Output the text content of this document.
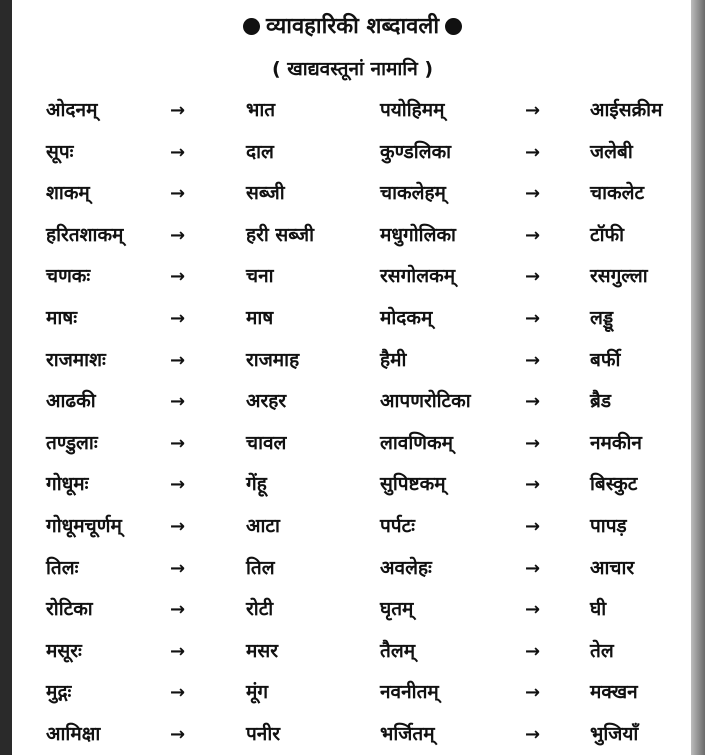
व्यावहारिकी शब्दावली
( खाद्यवस्तूनां नामानि )
ओदनम्	→	भात	पयोहिमम्	→	आईसक्रीम
सूपः	→	दाल	कुण्डलिका	→	जलेबी
शाकम्	→	सब्जी	चाकलेहम्	→	चाकलेट
हरितशाकम्	→	हरी सब्जी	मधुगोलिका	→	टॉफी
चणकः	→	चना	रसगोलकम्	→	रसगुल्ला
माषः	→	माष	मोदकम्	→	लड्डू
राजमाशः	→	राजमाह	हैमी	→	बर्फी
आढकी	→	अरहर	आपणरोटिका	→	ब्रैड
तण्डुलाः	→	चावल	लावणिकम्	→	नमकीन
गोधूमः	→	गेंहू	सुपिष्टकम्	→	बिस्कुट
गोधूमचूर्णम्	→	आटा	पर्पटः	→	पापड़
तिलः	→	तिल	अवलेहः	→	आचार
रोटिका	→	रोटी	घृतम्	→	घी
मसूरः	→	मसर	तैलम्	→	तेल
मुद्गः	→	मूंग	नवनीतम्	→	मक्खन
आमिक्षा	→	पनीर	भर्जितम्	→	भुजियाँ
